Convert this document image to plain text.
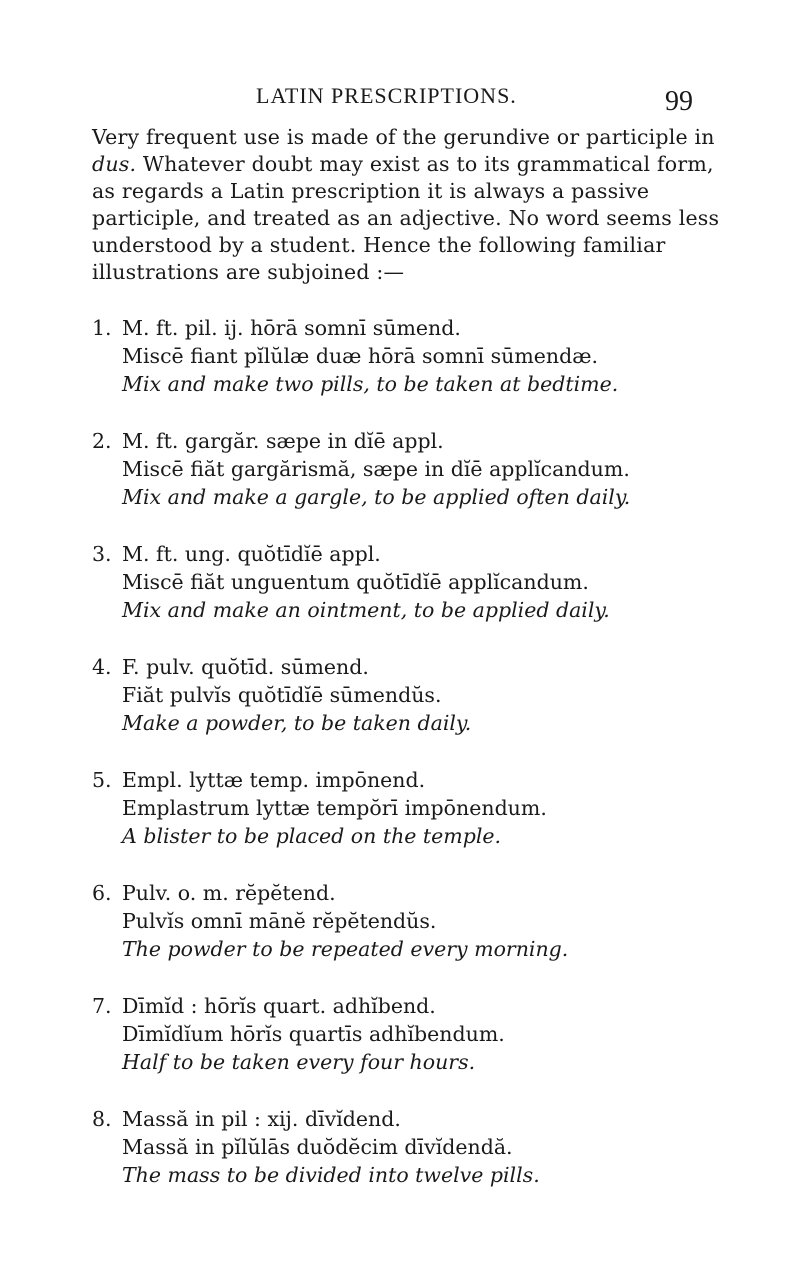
LATIN PRESCRIPTIONS.	99

Very frequent use is made of the gerundive or participle in dus. Whatever doubt may exist as to its grammatical form, as regards a Latin prescription it is always a passive participle, and treated as an adjective. No word seems less understood by a student. Hence the following familiar illustrations are subjoined :—

1. M. ft. pil. ij. hōrā somnī sūmend.
Miscē fiant pĭlŭlæ duæ hōrā somnī sūmendæ.
Mix and make two pills, to be taken at bedtime.
2. M. ft. gargăr. sæpe in dĭē appl.
Miscē fiăt gargărismă, sæpe in dĭē applĭcandum.
Mix and make a gargle, to be applied often daily.
3. M. ft. ung. quŏtīdĭē appl.
Miscē fiăt unguentum quŏtīdĭē applĭcandum.
Mix and make an ointment, to be applied daily.
4. F. pulv. quŏtīd. sūmend.
Fiăt pulvĭs quŏtīdĭē sūmendŭs.
Make a powder, to be taken daily.
5. Empl. lyttæ temp. impōnend.
Emplastrum lyttæ tempŏrī impōnendum.
A blister to be placed on the temple.
6. Pulv. o. m. rĕpĕtend.
Pulvĭs omnī mānĕ rĕpĕtendŭs.
The powder to be repeated every morning.
7. Dīmĭd : hōrĭs quart. adhĭbend.
Dīmĭdĭum hōrĭs quartīs adhĭbendum.
Half to be taken every four hours.
8. Massă in pil : xij. dīvĭdend.
Massă in pĭlŭlās duŏdĕcim dīvĭdendă.
The mass to be divided into twelve pills.
